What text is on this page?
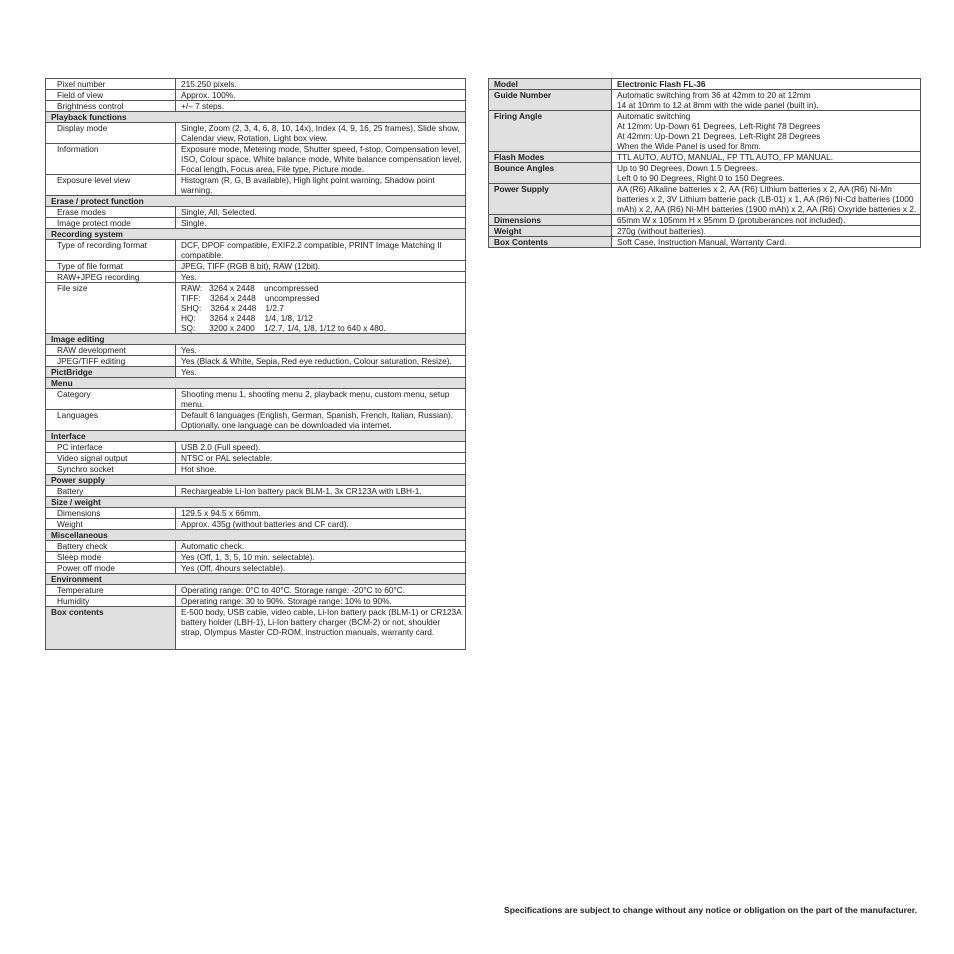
Pixel number	215.250 pixels.
Field of view	Approx. 100%.
Brightness control	+/– 7 steps.
Playback functions	
Display mode	Single, Zoom (2, 3, 4, 6, 8, 10, 14x), Index (4, 9, 16, 25 frames), Slide show, Calendar view, Rotation, Light box view.
Information	Exposure mode, Metering mode, Shutter speed, f-stop, Compensation level, ISO, Colour space, White balance mode, White balance compensation level, Focal length, Focus area, File type, Picture mode.
Exposure level view	Histogram (R, G, B available), High light point warning, Shadow point warning.
Erase / protect function	
Erase modes	Single, All, Selected.
Image protect mode	Single.
Recording system	
Type of recording format	DCF, DPOF compatible, EXIF2.2 compatible, PRINT Image Matching II compatible.
Type of file format	JPEG, TIFF (RGB 8 bit), RAW (12bit).
RAW+JPEG recording	Yes.
File size	RAW:   3264 x 2448    uncompressed
TIFF:    3264 x 2448    uncompressed
SHQ:    3264 x 2448    1/2.7
HQ:      3264 x 2448    1/4, 1/8, 1/12
SQ:      3200 x 2400    1/2.7, 1/4, 1/8, 1/12 to 640 x 480.
Image editing	
RAW development	Yes.
JPEG/TIFF editing	Yes (Black & White, Sepia, Red eye reduction, Colour saturation, Resize).
PictBridge	Yes.
Menu	
Category	Shooting menu 1, shooting menu 2, playback menu, custom menu, setup menu.
Languages	Default 6 languages (English, German, Spanish, French, Italian, Russian). Optionally, one language can be downloaded via internet.
Interface	
PC interface	USB 2.0 (Full speed).
Video signal output	NTSC or PAL selectable.
Synchro socket	Hot shoe.
Power supply	
Battery	Rechargeable Li-Ion battery pack BLM-1, 3x CR123A with LBH-1.
Size / weight	
Dimensions	129.5 x 94.5 x 66mm.
Weight	Approx. 435g (without batteries and CF card).
Miscellaneous	
Battery check	Automatic check.
Sleep mode	Yes (Off, 1, 3, 5, 10 min. selectable).
Power off mode	Yes (Off, 4hours selectable).
Environment	
Temperature	Operating range: 0°C to 40°C. Storage range: -20°C to 60°C.
Humidity	Operating range: 30 to 90%. Storage range: 10% to 90%.
Box contents	E-500 body, USB cable, video cable, Li-Ion battery pack (BLM-1) or CR123A battery holder (LBH-1), Li-Ion battery charger (BCM-2) or not, shoulder strap, Olympus Master CD-ROM, instruction manuals, warranty card.
Model	Electronic Flash FL-36
Guide Number	Automatic switching from 36 at 42mm to 20 at 12mm
14 at 10mm to 12 at 8mm with the wide panel (built in).
Firing Angle	Automatic switching
At 12mm: Up-Down 61 Degrees, Left-Right 78 Degrees
At 42mm: Up-Down 21 Degrees, Left-Right 28 Degrees
When the Wide Panel is used for 8mm.
Flash Modes	TTL AUTO, AUTO, MANUAL, FP TTL AUTO, FP MANUAL.
Bounce Angles	Up to 90 Degrees, Down 1.5 Degrees.
Left 0 to 90 Degrees, Right 0 to 150 Degrees.
Power Supply	AA (R6) Alkaline batteries x 2, AA (R6) Lithium batteries x 2, AA (R6) Ni-Mn batteries x 2, 3V Lithium batterie pack (LB-01) x 1, AA (R6) Ni-Cd batteries (1000 mAh) x 2, AA (R6) Ni-MH batteries (1900 mAh) x 2, AA (R6) Oxyride batteries x 2.
Dimensions	65mm W x 105mm H x 95mm D (protuberances not included).
Weight	270g (without batteries).
Box Contents	Soft Case, Instruction Manual, Warranty Card.
Specifications are subject to change without any notice or obligation on the part of the manufacturer.
